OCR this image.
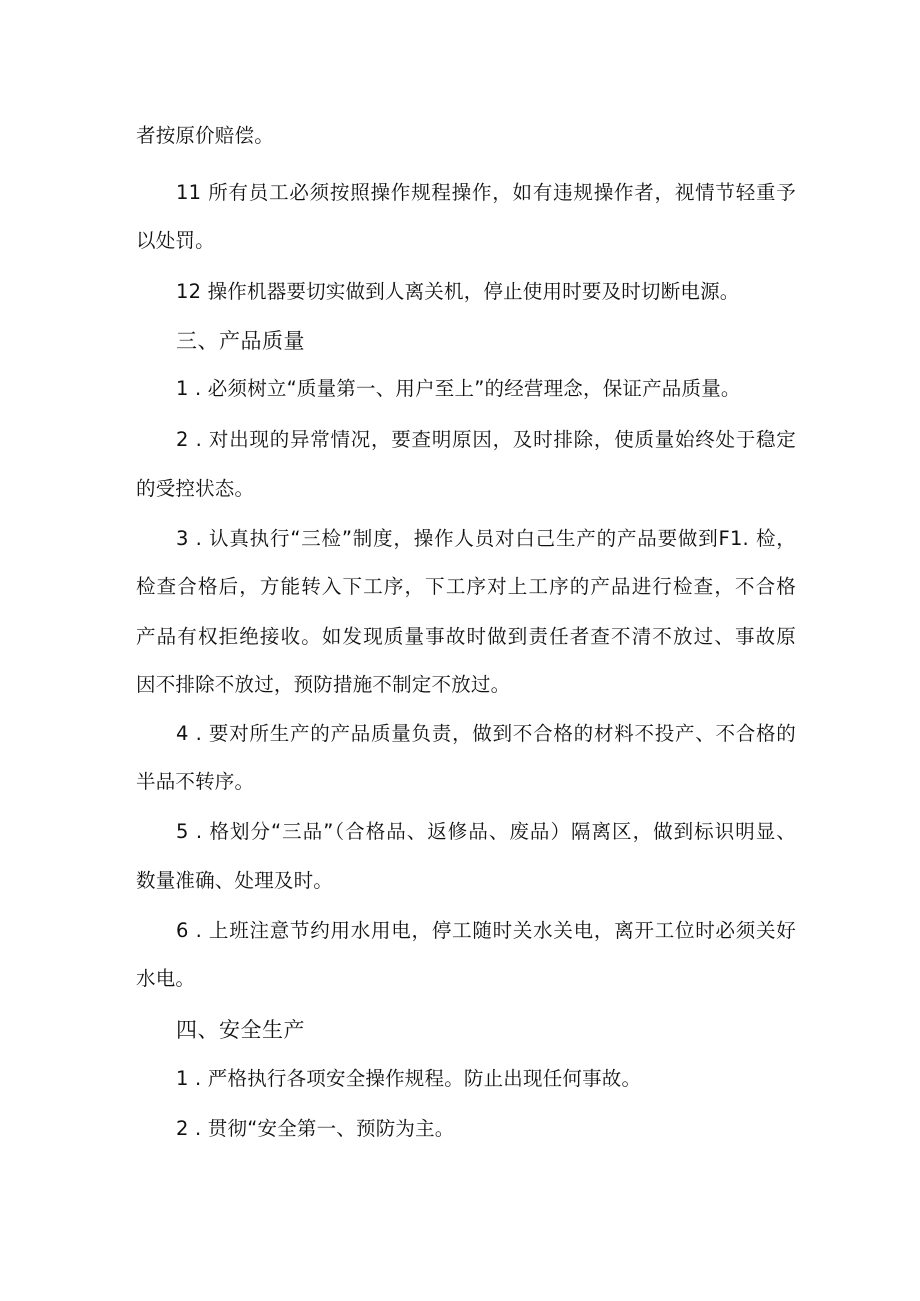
者按原价赔偿。
11 所有员工必须按照操作规程操作，如有违规操作者，视情节轻重予
以处罚。
12 操作机器要切实做到人离关机，停止使用时要及时切断电源。
三、产品质量
1 . 必须树立“质量第一、用户至上”的经营理念，保证产品质量。
2 . 对出现的异常情况，要查明原因，及时排除，使质量始终处于稳定
的受控状态。
3 . 认真执行“三检”制度，操作人员对白己生产的产品要做到F1. 检，
检查合格后，方能转入下工序，下工序对上工序的产品进行检查，不合格
产品有权拒绝接收。如发现质量事故时做到责任者查不清不放过、事故原
因不排除不放过，预防措施不制定不放过。
4 . 要对所生产的产品质量负责，做到不合格的材料不投产、不合格的
半品不转序。
5 . 格划分“三品”（合格品、返修品、废品）隔离区，做到标识明显、
数量准确、处理及时。
6 . 上班注意节约用水用电，停工随时关水关电，离开工位时必须关好
水电。
四、安全生产
1 . 严格执行各项安全操作规程。防止出现任何事故。
2 . 贯彻“安全第一、预防为主。
